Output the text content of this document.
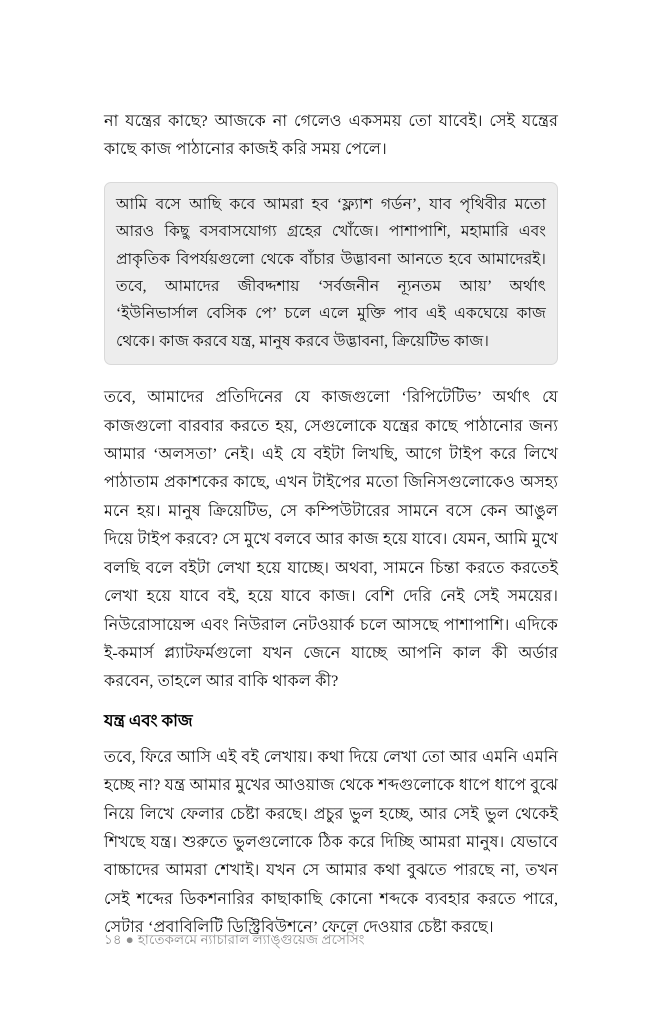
না যন্ত্রের কাছে? আজকে না গেলেও একসময় তো যাবেই। সেই যন্ত্রের কাছে কাজ পাঠানোর কাজই করি সময় পেলে।

আমি বসে আছি কবে আমরা হব ‘ফ্ল্যাশ গর্ডন’, যাব পৃথিবীর মতো আরও কিছু বসবাসযোগ্য গ্রহের খোঁজে। পাশাপাশি, মহামারি এবং প্রাকৃতিক বিপর্যয়গুলো থেকে বাঁচার উদ্ভাবনা আনতে হবে আমাদেরই। তবে, আমাদের জীবদ্দশায় ‘সর্বজনীন ন্যূনতম আয়’ অর্থাৎ ‘ইউনিভার্সাল বেসিক পে’ চলে এলে মুক্তি পাব এই একঘেয়ে কাজ থেকে। কাজ করবে যন্ত্র, মানুষ করবে উদ্ভাবনা, ক্রিয়েটিভ কাজ।

তবে, আমাদের প্রতিদিনের যে কাজগুলো ‘রিপিটেটিভ’ অর্থাৎ যে কাজগুলো বারবার করতে হয়, সেগুলোকে যন্ত্রের কাছে পাঠানোর জন্য আমার ‘অলসতা’ নেই। এই যে বইটা লিখছি, আগে টাইপ করে লিখে পাঠাতাম প্রকাশকের কাছে, এখন টাইপের মতো জিনিসগুলোকেও অসহ্য মনে হয়। মানুষ ক্রিয়েটিভ, সে কম্পিউটারের সামনে বসে কেন আঙুল দিয়ে টাইপ করবে? সে মুখে বলবে আর কাজ হয়ে যাবে। যেমন, আমি মুখে বলছি বলে বইটা লেখা হয়ে যাচ্ছে। অথবা, সামনে চিন্তা করতে করতেই লেখা হয়ে যাবে বই, হয়ে যাবে কাজ। বেশি দেরি নেই সেই সময়ের। নিউরোসায়েন্স এবং নিউরাল নেটওয়ার্ক চলে আসছে পাশাপাশি। এদিকে ই-কমার্স প্ল্যাটফর্মগুলো যখন জেনে যাচ্ছে আপনি কাল কী অর্ডার করবেন, তাহলে আর বাকি থাকল কী?

যন্ত্র এবং কাজ

তবে, ফিরে আসি এই বই লেখায়। কথা দিয়ে লেখা তো আর এমনি এমনি হচ্ছে না? যন্ত্র আমার মুখের আওয়াজ থেকে শব্দগুলোকে ধাপে ধাপে বুঝে নিয়ে লিখে ফেলার চেষ্টা করছে। প্রচুর ভুল হচ্ছে, আর সেই ভুল থেকেই শিখছে যন্ত্র। শুরুতে ভুলগুলোকে ঠিক করে দিচ্ছি আমরা মানুষ। যেভাবে বাচ্চাদের আমরা শেখাই। যখন সে আমার কথা বুঝতে পারছে না, তখন সেই শব্দের ডিকশনারির কাছাকাছি কোনো শব্দকে ব্যবহার করতে পারে, সেটার ‘প্রবাবিলিটি ডিস্ট্রিবিউশনে’ ফেলে দেওয়ার চেষ্টা করছে।

১৪ ● হাতেকলমে ন্যাচারাল ল্যাঙ্গুয়েজ প্রসেসিং
